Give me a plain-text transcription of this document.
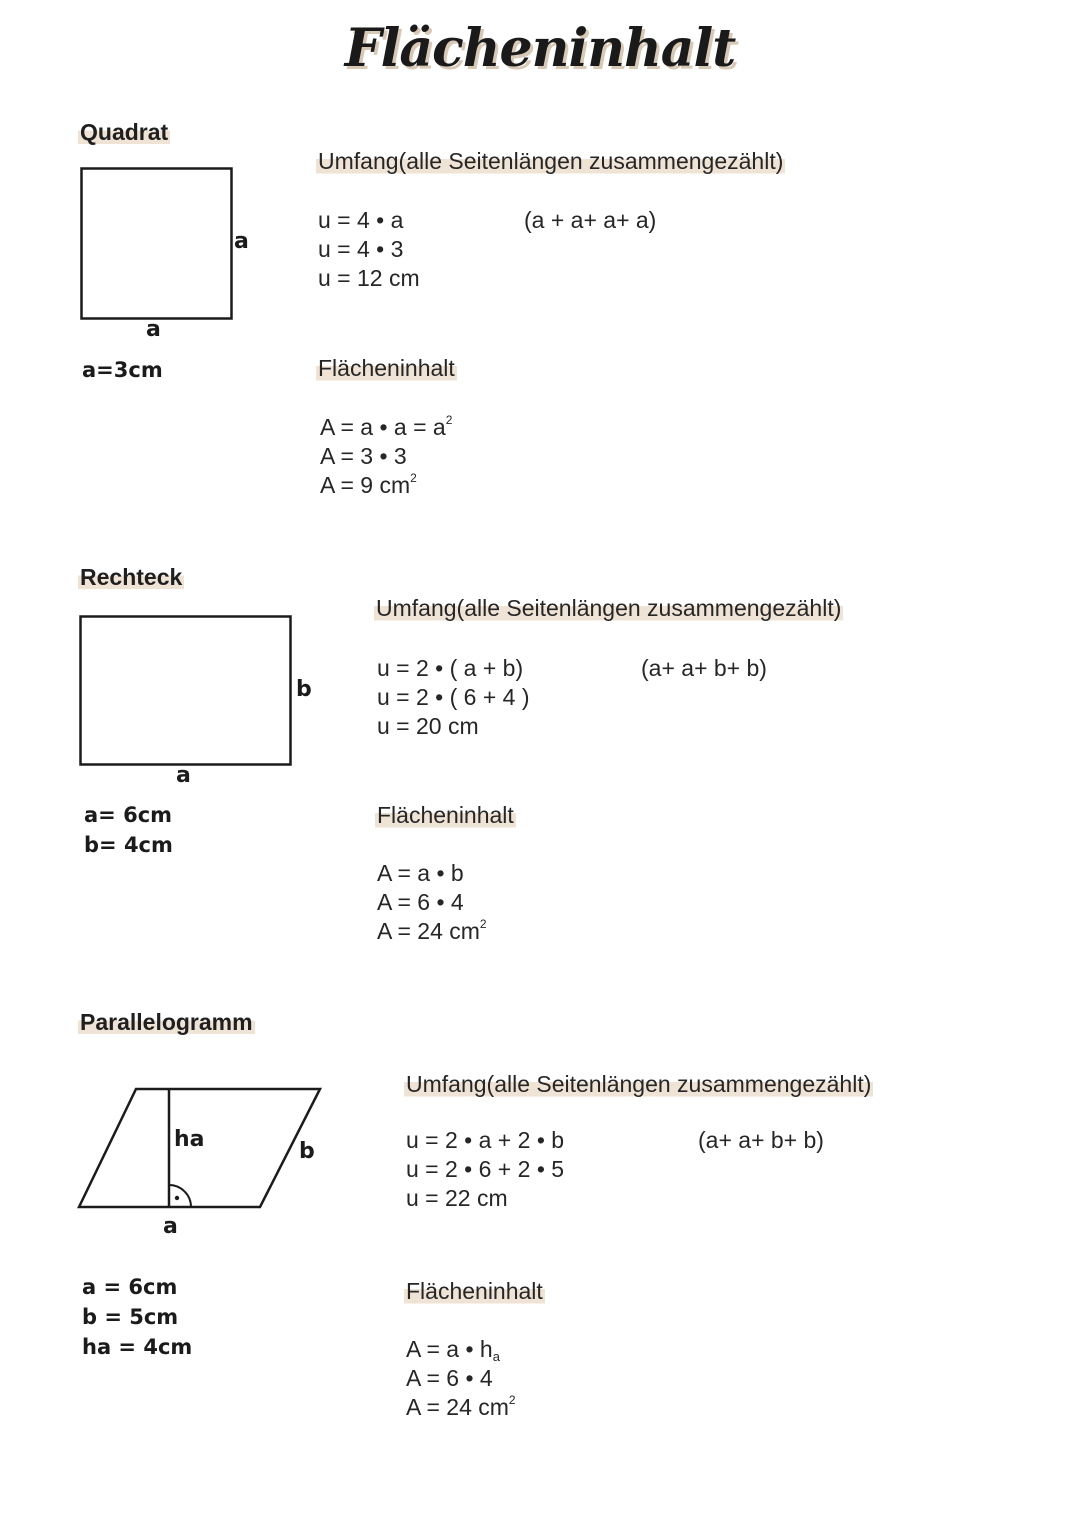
Flächeninhalt
Quadrat
a
a
a=3cm
Umfang(alle Seitenlängen zusammengezählt)
u = 4 • a
u = 4 • 3
u = 12 cm
(a + a+ a+ a)
Flächeninhalt
A = a • $a = a^2$
A = 3 • 3
A = 9 $cm^2$
Rechteck
b
a
a= 6cm
b= 4cm
Umfang(alle Seitenlängen zusammengezählt)
u = 2 • ( a + b)
u = 2 • ( 6 + 4 )
u = 20 cm
(a+ a+ b+ b)
Flächeninhalt
A = a • b
A = 6 • 4
A = 24 $cm^2$
Parallelogramm
ha	b
a
a = 6cm
b = 5cm
ha = 4cm
Umfang(alle Seitenlängen zusammengezählt)
u = 2 • a + 2 • b
u = 2 • 6 + 2 • 5
u = 22 cm
(a+ a+ b+ b)
Flächeninhalt
A = a • ha
A = 6 • 4
A = 24 $cm^2$
